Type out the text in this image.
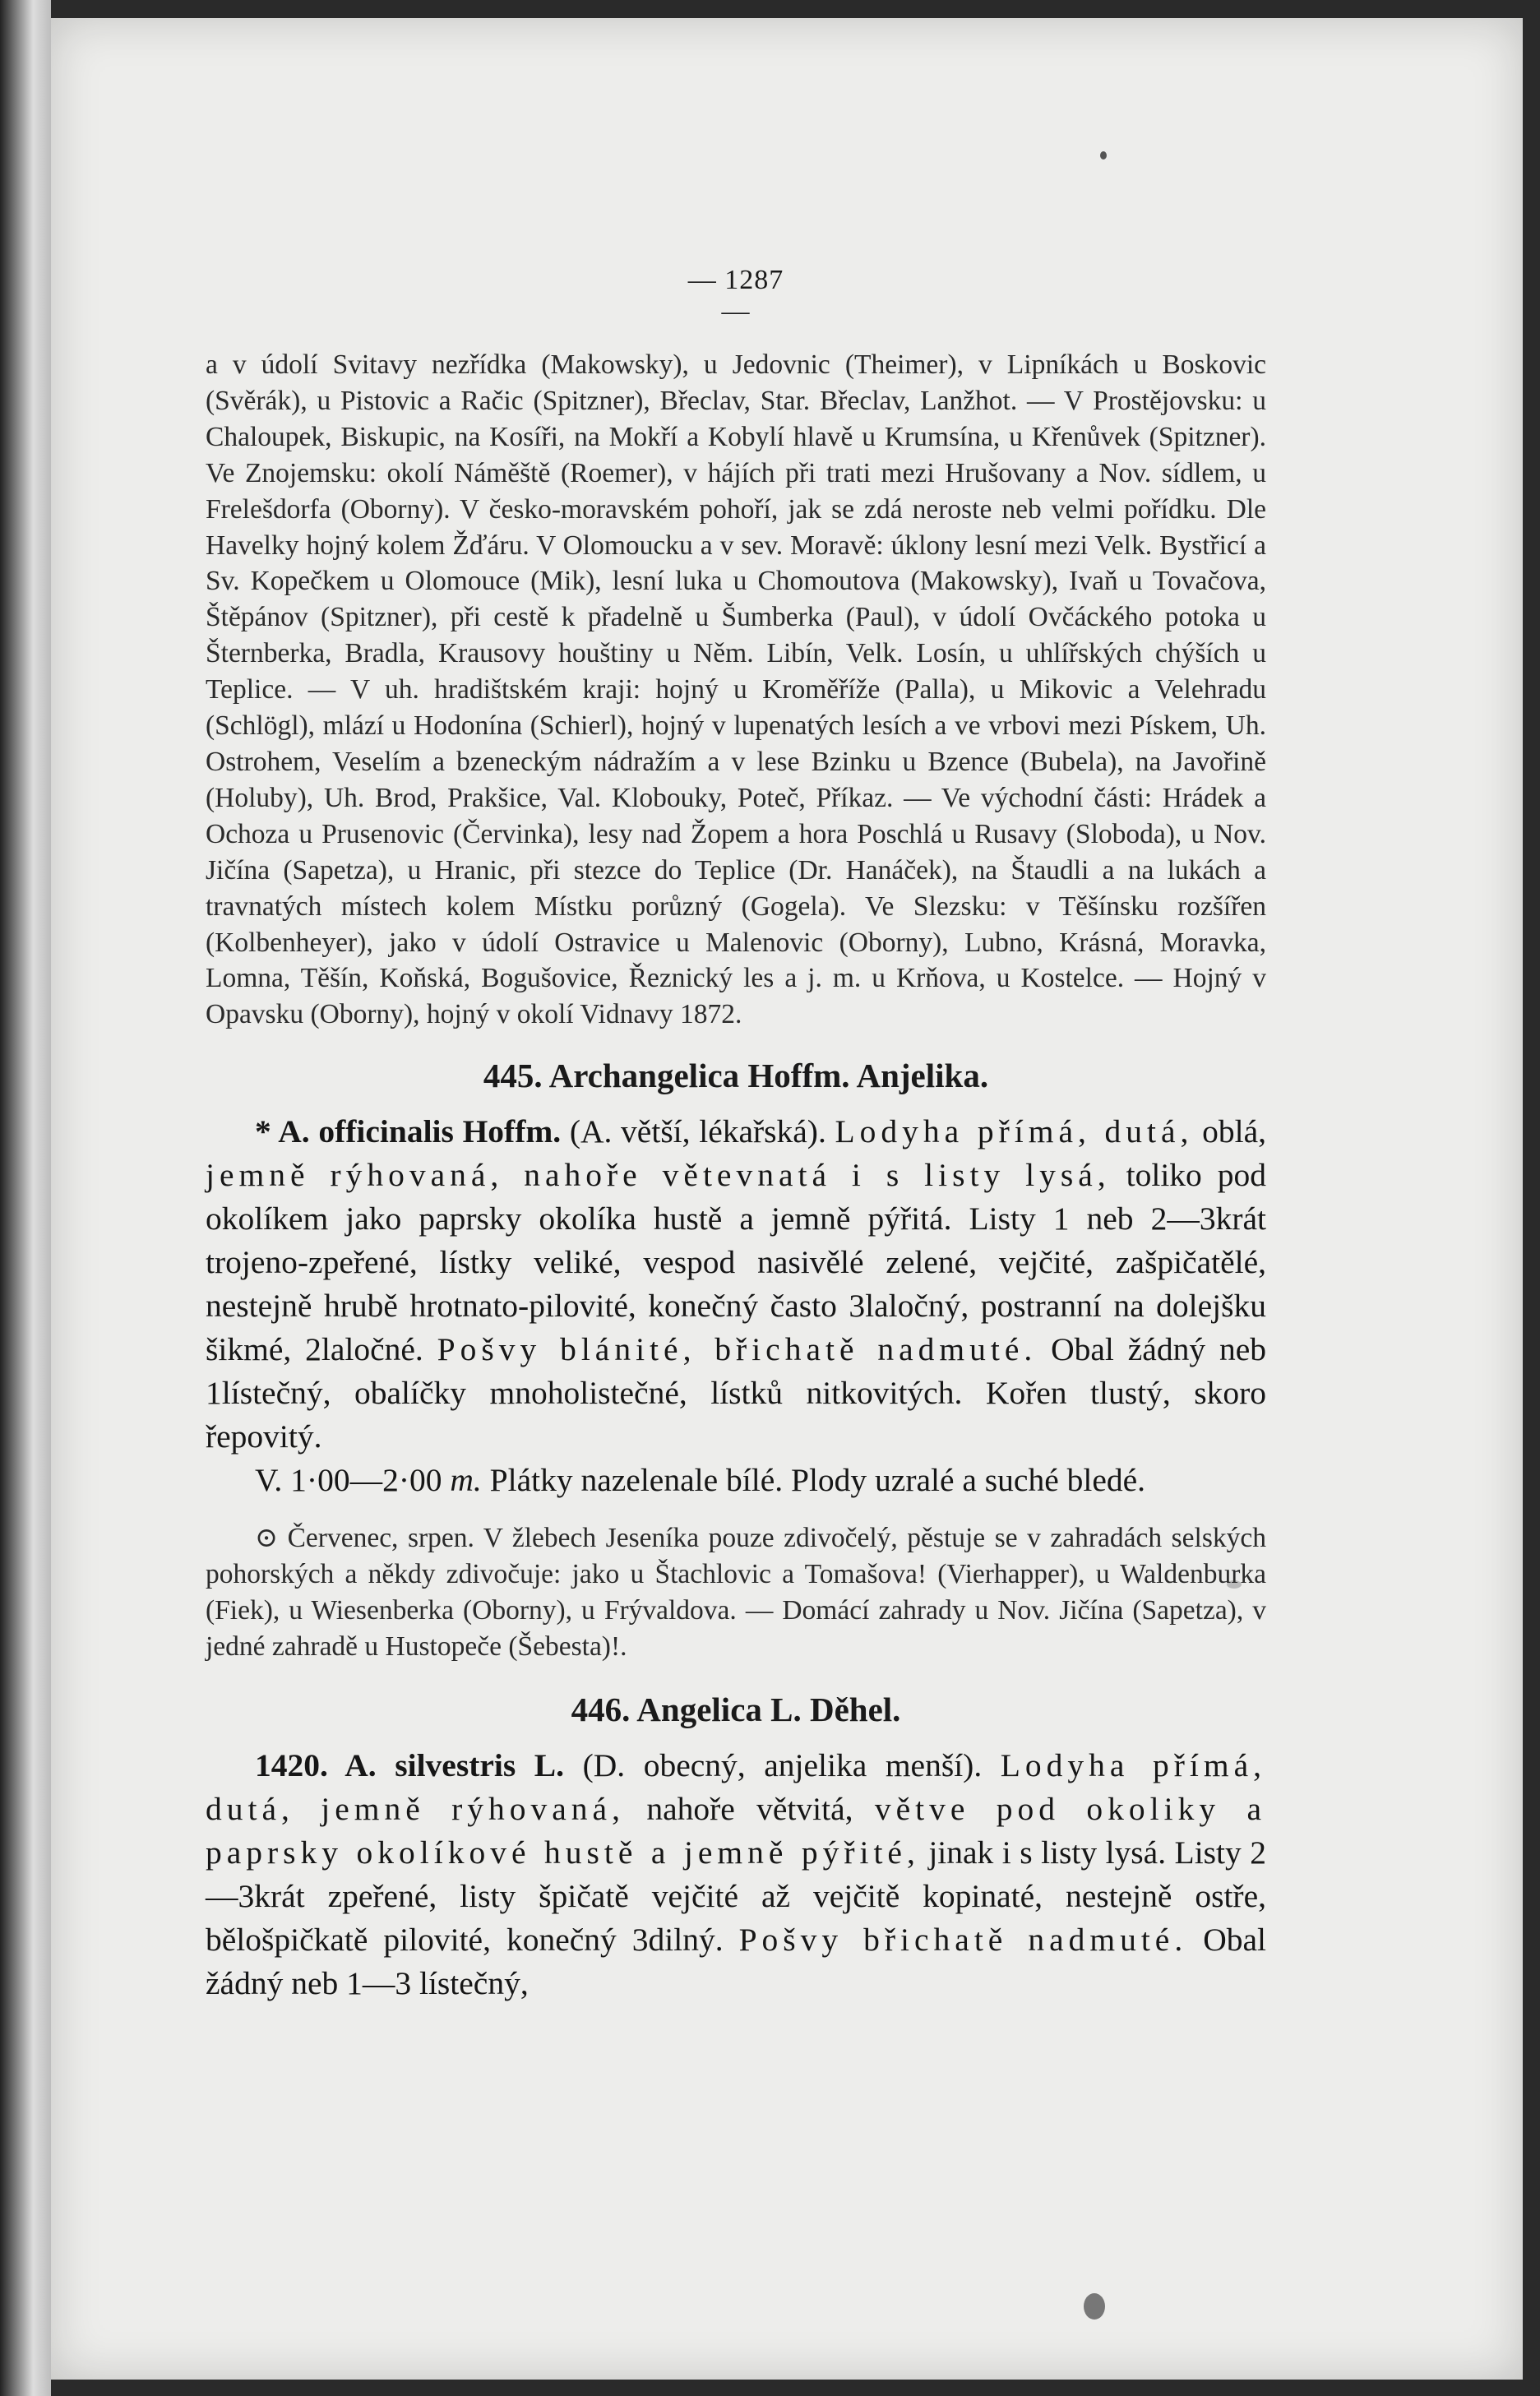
— 1287 —

a v údolí Svitavy nezřídka (Makowsky), u Jedovnic (Theimer), v Lipníkách u Boskovic (Svěrák), u Pistovic a Račic (Spitzner), Břeclav, Star. Břeclav, Lanžhot. — V Prostějovsku: u Chaloupek, Biskupic, na Kosíři, na Mokří a Kobylí hlavě u Krumsína, u Křenůvek (Spitzner). Ve Znojemsku: okolí Náměště (Roemer), v hájích při trati mezi Hrušovany a Nov. sídlem, u Frelešdorfa (Oborny). V česko-moravském pohoří, jak se zdá neroste neb velmi pořídku. Dle Havelky hojný kolem Žďáru. V Olomoucku a v sev. Moravě: úklony lesní mezi Velk. Bystřicí a Sv. Kopečkem u Olomouce (Mik), lesní luka u Chomoutova (Makowsky), Ivaň u Tovačova, Štěpánov (Spitzner), při cestě k přadelně u Šumberka (Paul), v údolí Ovčáckého potoka u Šternberka, Bradla, Krausovy houštiny u Něm. Libín, Velk. Losín, u uhlířských chýších u Teplice. — V uh. hradištském kraji: hojný u Kroměříže (Palla), u Mikovic a Velehradu (Schlögl), mlází u Hodonína (Schierl), hojný v lupenatých lesích a ve vrbovi mezi Pískem, Uh. Ostrohem, Veselím a bzeneckým nádražím a v lese Bzinku u Bzence (Bubela), na Javořině (Holuby), Uh. Brod, Prakšice, Val. Klobouky, Poteč, Příkaz. — Ve východní části: Hrádek a Ochoza u Prusenovic (Červinka), lesy nad Žopem a hora Poschlá u Rusavy (Sloboda), u Nov. Jičína (Sapetza), u Hranic, při stezce do Teplice (Dr. Hanáček), na Štaudli a na lukách a travnatých místech kolem Místku porůzný (Gogela). Ve Slezsku: v Těšínsku rozšířen (Kolbenheyer), jako v údolí Ostravice u Malenovic (Oborny), Lubno, Krásná, Moravka, Lomna, Těšín, Koňská, Bogušovice, Řeznický les a j. m. u Krňova, u Kostelce. — Hojný v Opavsku (Oborny), hojný v okolí Vidnavy 1872.

445. Archangelica Hoffm. Anjelika.

* A. officinalis Hoffm. (A. větší, lékařská). Lodyha přímá, dutá, oblá, jemně rýhovaná, nahoře větevnatá i s listy lysá, toliko pod okolíkem jako paprsky okolíka hustě a jemně pýřitá. Listy 1 neb 2—3krát trojeno-zpeřené, lístky veliké, vespod nasivělé zelené, vejčité, zašpičatělé, nestejně hrubě hrotnato-pilovité, konečný často 3laločný, postranní na dolejšku šikmé, 2laločné. Pošvy blánité, břichatě nadmuté. Obal žádný neb 1lístečný, obalíčky mnoholistečné, lístků nitkovitých. Kořen tlustý, skoro řepovitý.

V. 1·00—2·00 m. Plátky nazelenale bílé. Plody uzralé a suché bledé.

⊙ Červenec, srpen. V žlebech Jeseníka pouze zdivočelý, pěstuje se v zahradách selských pohorských a někdy zdivočuje: jako u Štachlovic a Tomašova! (Vierhapper), u Waldenburka (Fiek), u Wiesenberka (Oborny), u Frývaldova. — Domácí zahrady u Nov. Jičína (Sapetza), v jedné zahradě u Hustopeče (Šebesta)!.

446. Angelica L. Děhel.

1420. A. silvestris L. (D. obecný, anjelika menší). Lodyha přímá, dutá, jemně rýhovaná, nahoře větvitá, větve pod okoliky a paprsky okolíkové hustě a jemně pýřité, jinak i s listy lysá. Listy 2—3krát zpeřené, listy špičatě vejčité až vejčitě kopinaté, nestejně ostře, bělošpičkatě pilovité, konečný 3dilný. Pošvy břichatě nadmuté. Obal žádný neb 1—3 lístečný,
